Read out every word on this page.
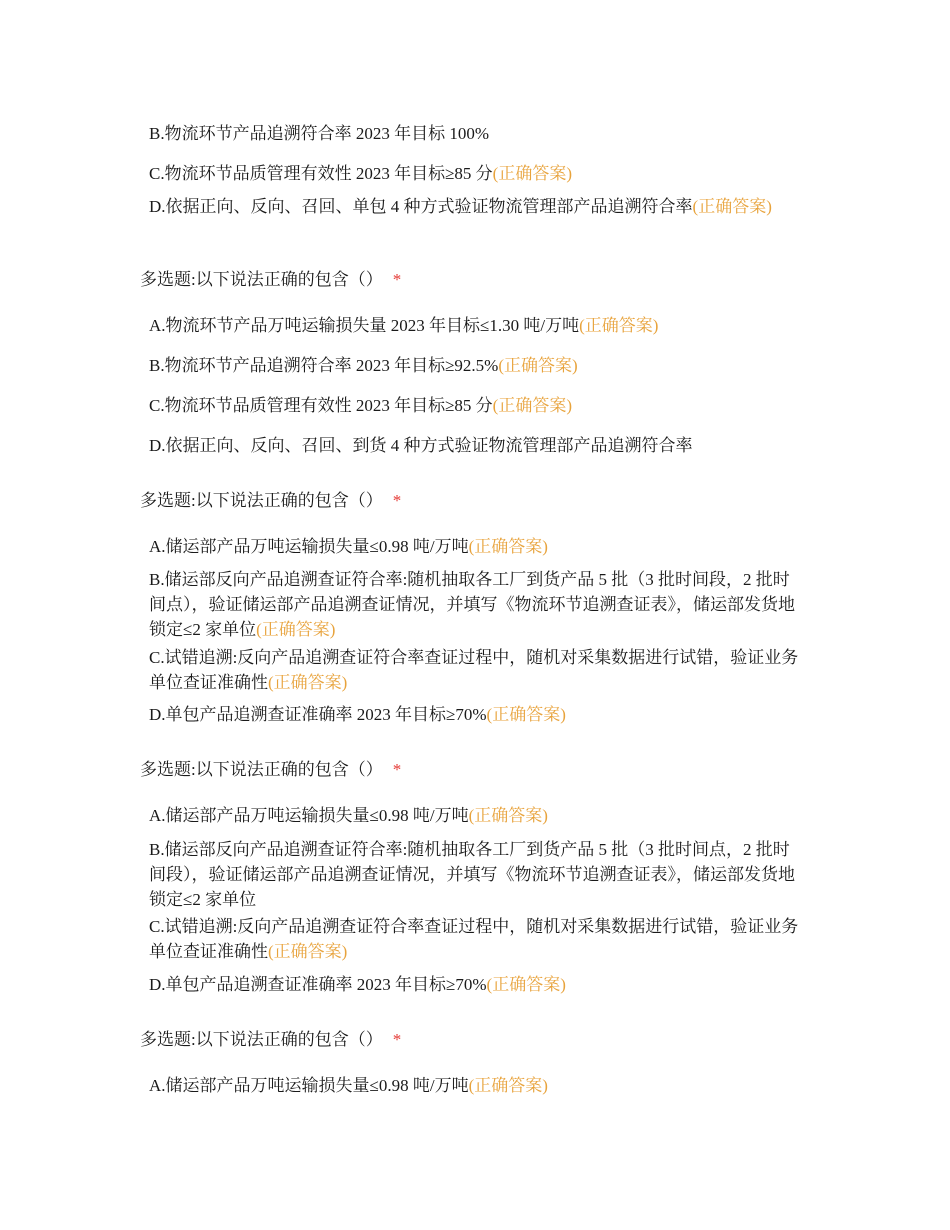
B.物流环节产品追溯符合率 2023 年目标 100%
C.物流环节品质管理有效性 2023 年目标≥85 分(正确答案)
D.依据正向、反向、召回、单包 4 种方式验证物流管理部产品追溯符合率(正确答案)
多选题:以下说法正确的包含（） *
A.物流环节产品万吨运输损失量 2023 年目标≤1.30 吨/万吨(正确答案)
B.物流环节产品追溯符合率 2023 年目标≥92.5%(正确答案)
C.物流环节品质管理有效性 2023 年目标≥85 分(正确答案)
D.依据正向、反向、召回、到货 4 种方式验证物流管理部产品追溯符合率
多选题:以下说法正确的包含（） *
A.储运部产品万吨运输损失量≤0.98 吨/万吨(正确答案)
B.储运部反向产品追溯查证符合率:随机抽取各工厂到货产品 5 批（3 批时间段，2 批时间点），验证储运部产品追溯查证情况，并填写《物流环节追溯查证表》，储运部发货地锁定≤2 家单位(正确答案)
C.试错追溯:反向产品追溯查证符合率查证过程中，随机对采集数据进行试错，验证业务单位查证准确性(正确答案)
D.单包产品追溯查证准确率 2023 年目标≥70%(正确答案)
多选题:以下说法正确的包含（） *
A.储运部产品万吨运输损失量≤0.98 吨/万吨(正确答案)
B.储运部反向产品追溯查证符合率:随机抽取各工厂到货产品 5 批（3 批时间点，2 批时间段），验证储运部产品追溯查证情况，并填写《物流环节追溯查证表》，储运部发货地锁定≤2 家单位
C.试错追溯:反向产品追溯查证符合率查证过程中，随机对采集数据进行试错，验证业务单位查证准确性(正确答案)
D.单包产品追溯查证准确率 2023 年目标≥70%(正确答案)
多选题:以下说法正确的包含（） *
A.储运部产品万吨运输损失量≤0.98 吨/万吨(正确答案)
